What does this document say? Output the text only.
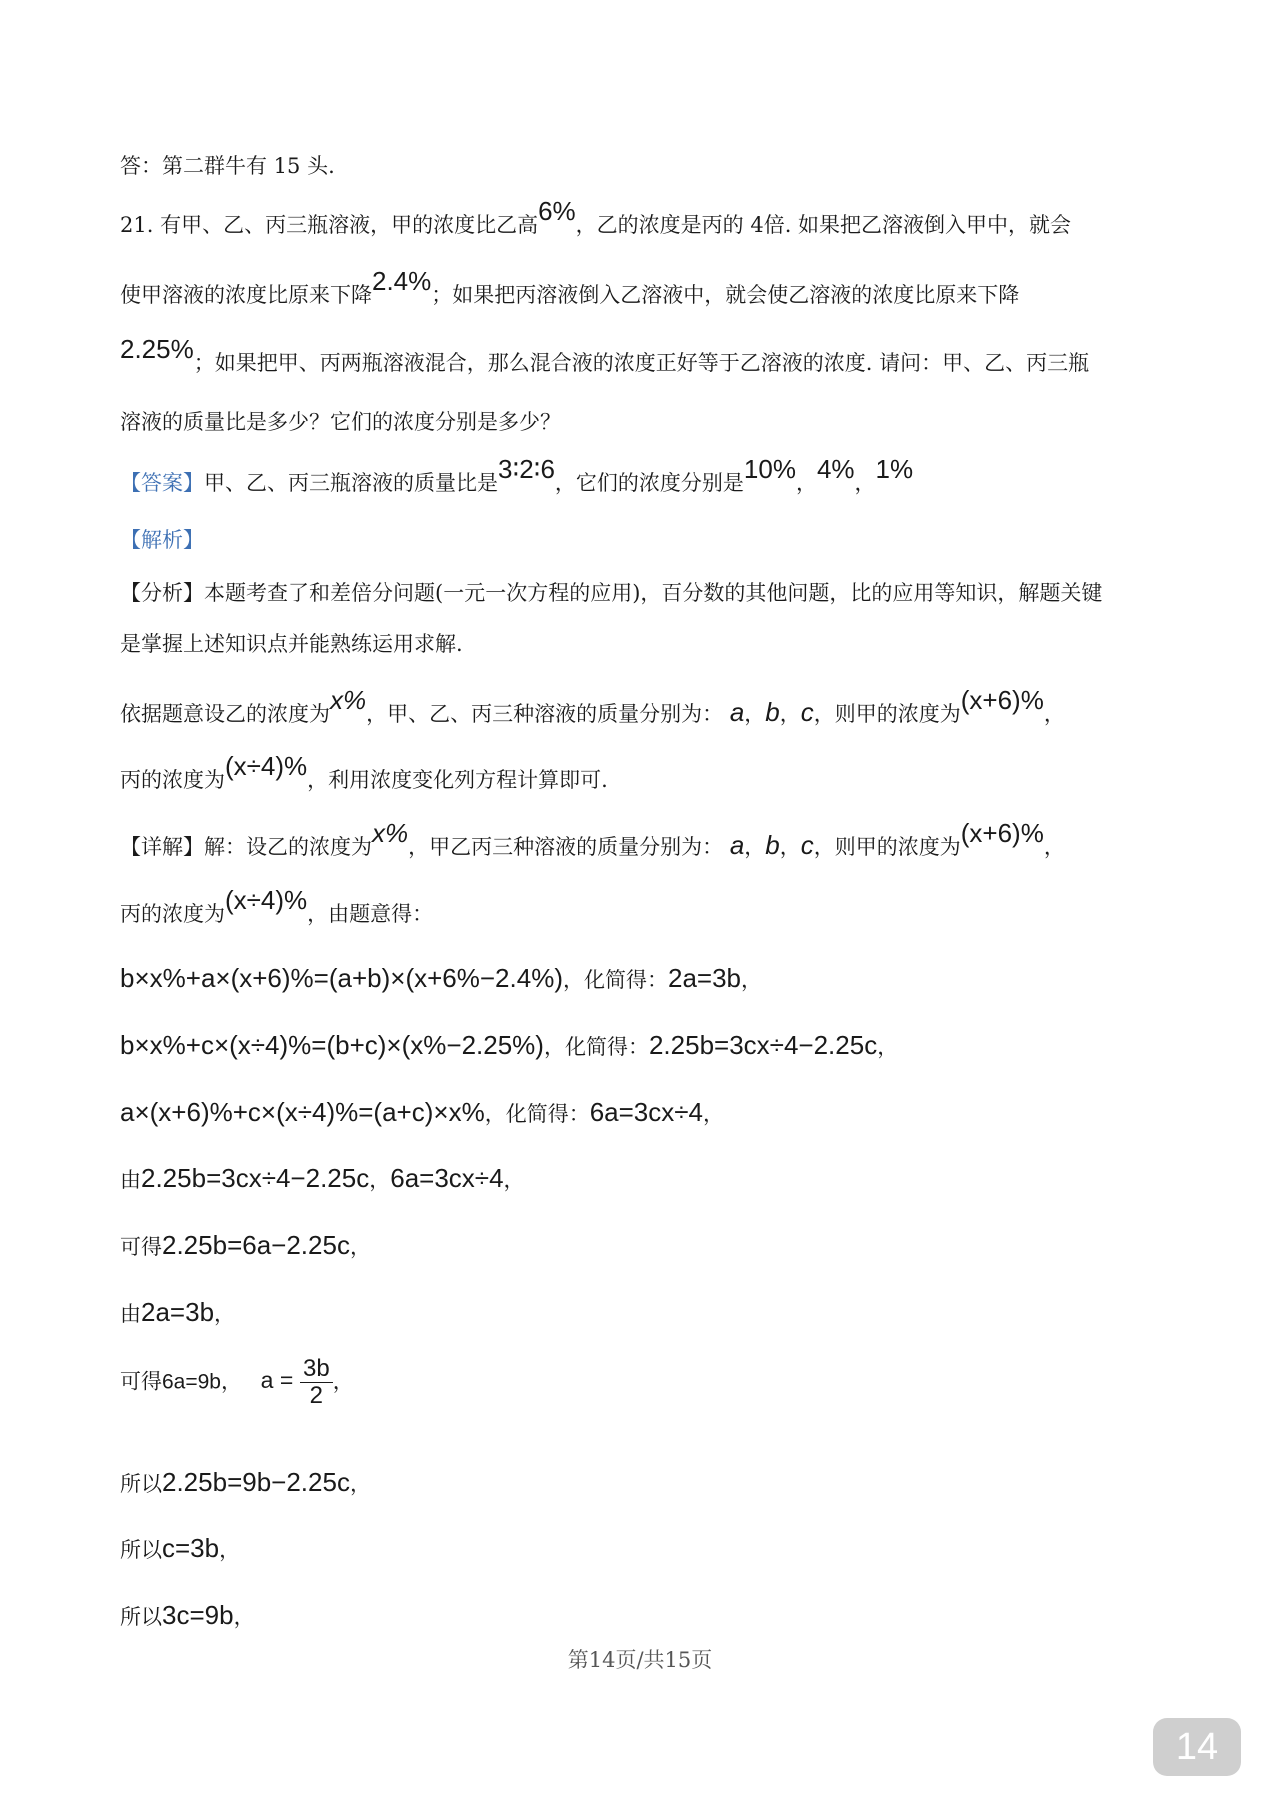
答：第二群牛有 15 头.
21. 有甲、乙、丙三瓶溶液，甲的浓度比乙高6%，乙的浓度是丙的 4倍. 如果把乙溶液倒入甲中，就会
使甲溶液的浓度比原来下降2.4%；如果把丙溶液倒入乙溶液中，就会使乙溶液的浓度比原来下降
2.25%；如果把甲、丙两瓶溶液混合，那么混合液的浓度正好等于乙溶液的浓度. 请问：甲、乙、丙三瓶
溶液的质量比是多少？它们的浓度分别是多少？
【答案】甲、乙、丙三瓶溶液的质量比是3∶2∶6，它们的浓度分别是10%，4%，1%
【解析】
【分析】本题考查了和差倍分问题(一元一次方程的应用)，百分数的其他问题，比的应用等知识，解题关键
是掌握上述知识点并能熟练运用求解.
依据题意设乙的浓度为x%，甲、乙、丙三种溶液的质量分别为： a，b，c，则甲的浓度为(x+6)%，
丙的浓度为(x÷4)%，利用浓度变化列方程计算即可.
【详解】解：设乙的浓度为x%，甲乙丙三种溶液的质量分别为： a，b，c，则甲的浓度为(x+6)%，
丙的浓度为(x÷4)%，由题意得：
b×x%+a×(x+6)%=(a+b)×(x+6%−2.4%)，化简得：2a=3b，
b×x%+c×(x÷4)%=(b+c)×(x%−2.25%)，化简得：2.25b=3cx÷4−2.25c，
a×(x+6)%+c×(x÷4)%=(a+c)×x%，化简得：6a=3cx÷4，
由2.25b=3cx÷4−2.25c，6a=3cx÷4，
可得2.25b=6a−2.25c，
由2a=3b，
可得6a=9b， $a = \frac{3b}{2}$ ，
所以2.25b=9b−2.25c，
所以c=3b，
所以3c=9b，
第14页/共15页
14
